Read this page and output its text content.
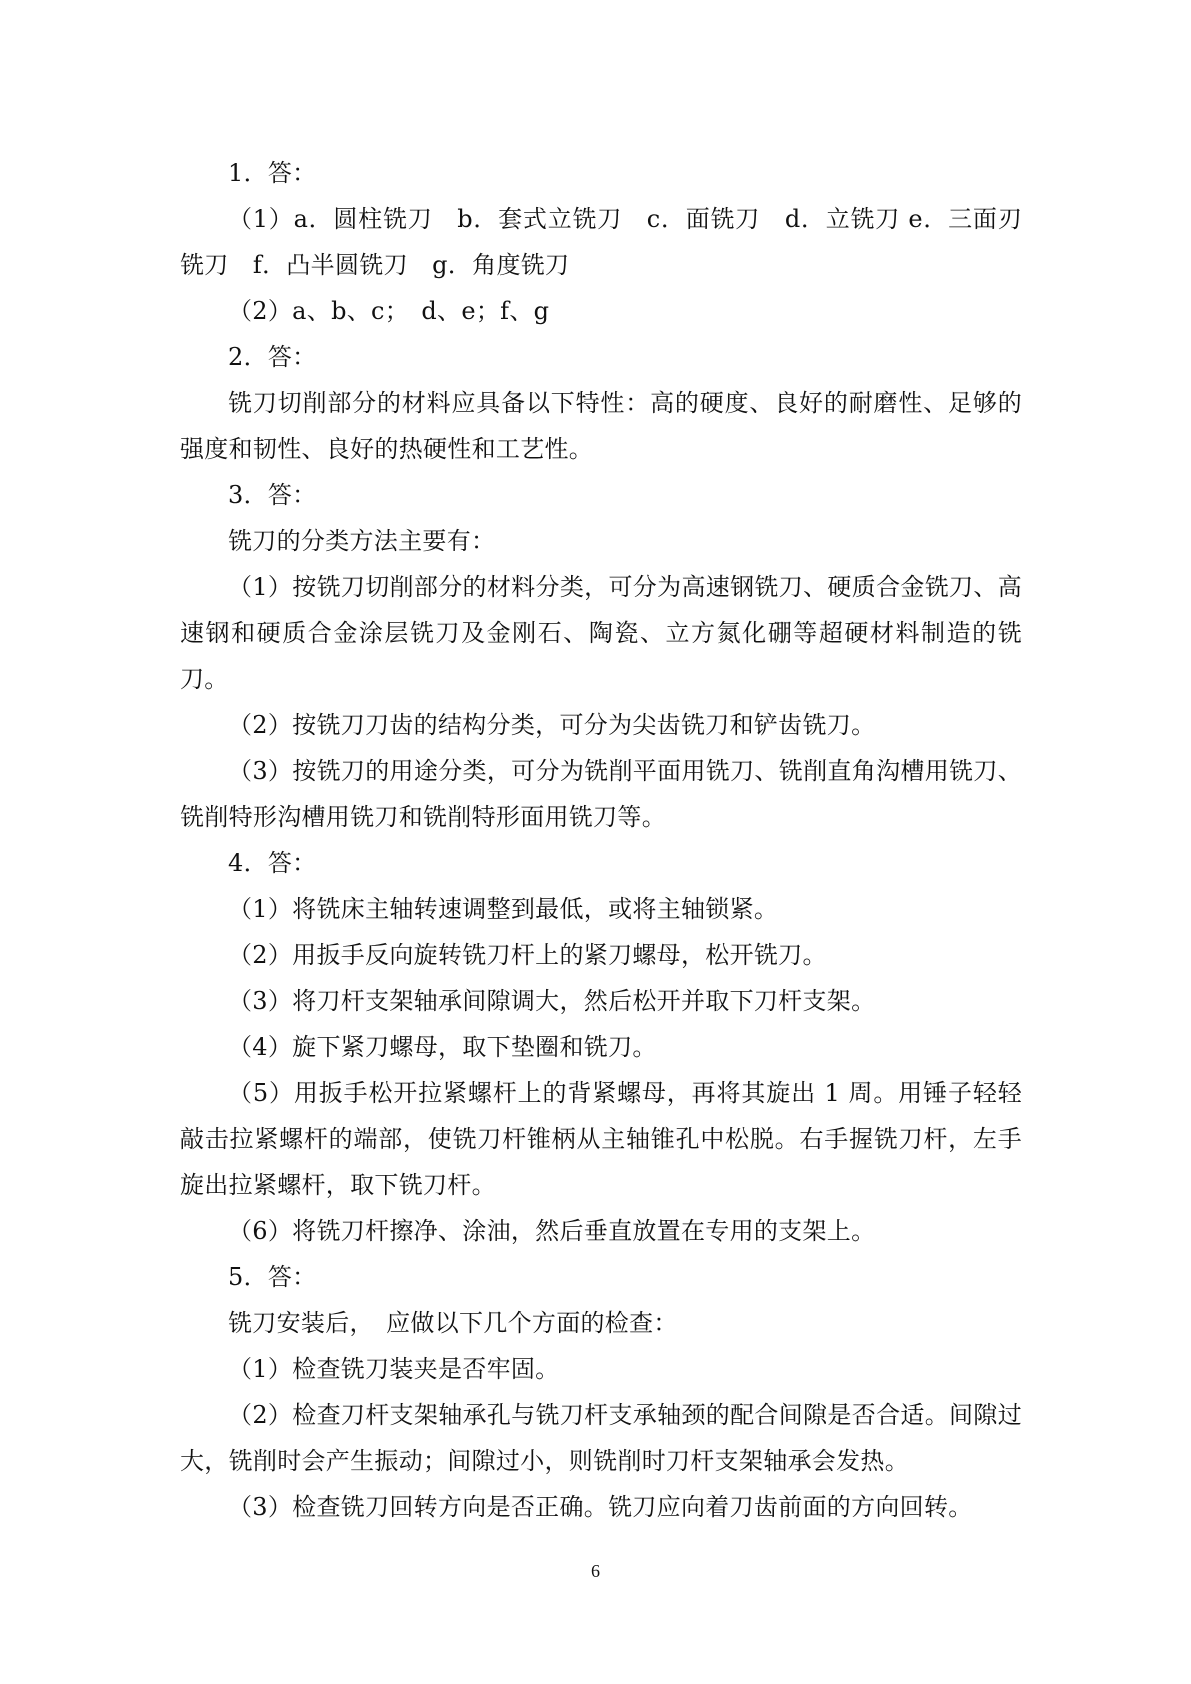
1．答：

（1）a．圆柱铣刀　b．套式立铣刀　c．面铣刀　d．立铣刀 e．三面刃铣刀　f．凸半圆铣刀　g．角度铣刀

（2）a、b、c；　d、e；f、g

2．答：

铣刀切削部分的材料应具备以下特性：高的硬度、良好的耐磨性、足够的强度和韧性、良好的热硬性和工艺性。

3．答：

铣刀的分类方法主要有：

（1）按铣刀切削部分的材料分类，可分为高速钢铣刀、硬质合金铣刀、高速钢和硬质合金涂层铣刀及金刚石、陶瓷、立方氮化硼等超硬材料制造的铣刀。

（2）按铣刀刀齿的结构分类，可分为尖齿铣刀和铲齿铣刀。

（3）按铣刀的用途分类，可分为铣削平面用铣刀、铣削直角沟槽用铣刀、铣削特形沟槽用铣刀和铣削特形面用铣刀等。

4．答：

（1）将铣床主轴转速调整到最低，或将主轴锁紧。

（2）用扳手反向旋转铣刀杆上的紧刀螺母，松开铣刀。

（3）将刀杆支架轴承间隙调大，然后松开并取下刀杆支架。

（4）旋下紧刀螺母，取下垫圈和铣刀。

（5）用扳手松开拉紧螺杆上的背紧螺母，再将其旋出 1 周。用锤子轻轻敲击拉紧螺杆的端部，使铣刀杆锥柄从主轴锥孔中松脱。右手握铣刀杆，左手旋出拉紧螺杆，取下铣刀杆。

（6）将铣刀杆擦净、涂油，然后垂直放置在专用的支架上。

5．答：

铣刀安装后，　应做以下几个方面的检查：

（1）检查铣刀装夹是否牢固。

（2）检查刀杆支架轴承孔与铣刀杆支承轴颈的配合间隙是否合适。间隙过大，铣削时会产生振动；间隙过小，则铣削时刀杆支架轴承会发热。

（3）检查铣刀回转方向是否正确。铣刀应向着刀齿前面的方向回转。

6
